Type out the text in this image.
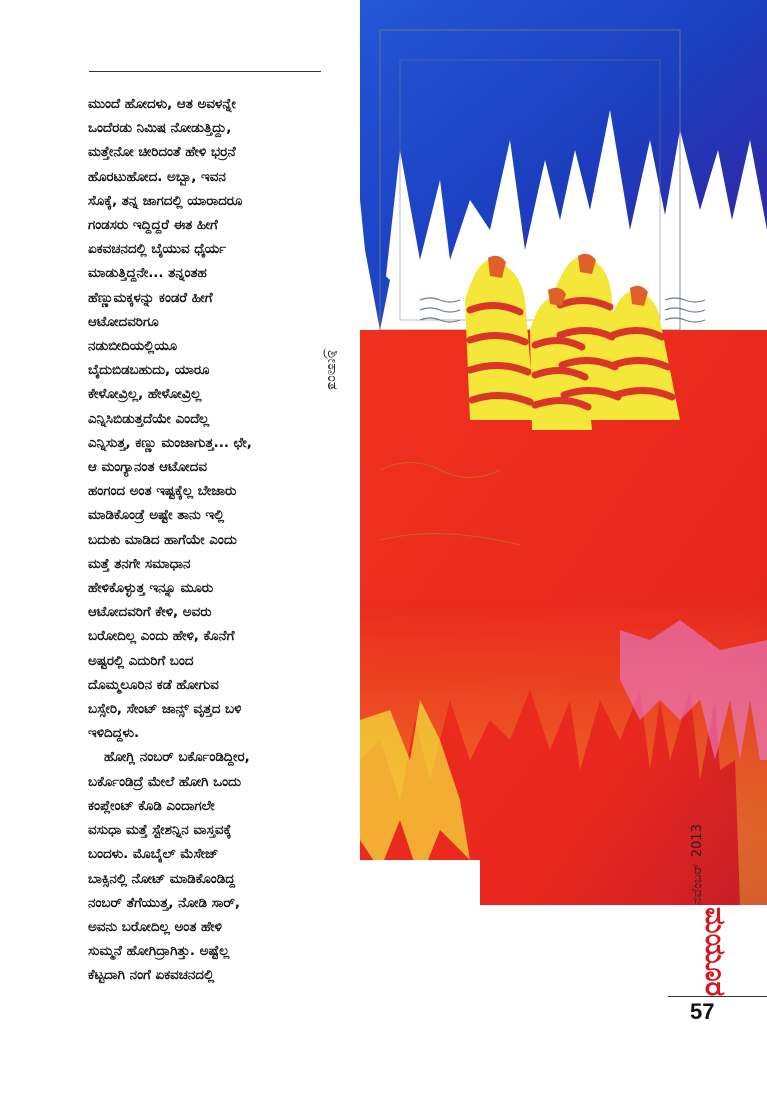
ಮುಂದೆ ಹೋದಳು, ಆತ ಅವಳನ್ನೇ
ಒಂದೆರಡು ನಿಮಿಷ ನೋಡುತ್ತಿದ್ದು,
ಮತ್ತೇನೋ ಚೀರಿದಂತೆ ಹೇಳಿ ಭರ್ರನೆ
ಹೊರಟುಹೋದ. ಅಬ್ಬಾ, ಇವನ
ಸೊಕ್ಕೆ, ತನ್ನ ಜಾಗದಲ್ಲಿ ಯಾರಾದರೂ
ಗಂಡಸರು ಇದ್ದಿದ್ದರೆ ಈತ ಹೀಗೆ
ಏಕವಚನದಲ್ಲಿ ಬೈಯುವ ಧೈರ್ಯ
ಮಾಡುತ್ತಿದ್ದನೇ... ತನ್ನಂತಹ
ಹೆಣ್ಣುಮಕ್ಕಳನ್ನು ಕಂಡರೆ ಹೀಗೆ
ಆಟೋದವರಿಗೂ
ನಡುಬೀದಿಯಲ್ಲಿಯೂ
ಬೈದುಬಿಡಬಹುದು, ಯಾರೂ
ಕೇಳೋವ್ರಿಲ್ಲ, ಹೇಳೋವ್ರಿಲ್ಲ
ಎನ್ನಿಸಿಬಿಡುತ್ತದೆಯೇ ಎಂದೆಲ್ಲ
ಎನ್ನಿಸುತ್ತ, ಕಣ್ಣು ಮಂಜಾಗುತ್ತ... ಛೇ,
ಆ ಮಂಗ್ಯಾನಂತ ಆಟೋದವ
ಹಂಗಂದ ಅಂತ ಇಷ್ಟಕ್ಕೆಲ್ಲ ಬೇಜಾರು
ಮಾಡಿಕೊಂಡ್ರೆ ಅಷ್ಟೇ ತಾನು ಇಲ್ಲಿ
ಬದುಕು ಮಾಡಿದ ಹಾಗೆಯೇ ಎಂದು
ಮತ್ತೆ ತನಗೇ ಸಮಾಧಾನ
ಹೇಳಿಕೊಳ್ಳುತ್ತ ಇನ್ನೂ ಮೂರು
ಆಟೋದವರಿಗೆ ಕೇಳಿ, ಅವರು
ಬರೋದಿಲ್ಲ ಎಂದು ಹೇಳಿ, ಕೊನೆಗೆ
ಅಷ್ಟರಲ್ಲಿ ಎದುರಿಗೆ ಬಂದ
ದೊಮ್ಮಲೂರಿನ ಕಡೆ ಹೋಗುವ
ಬಸ್ಸೇರಿ, ಸೇಂಟ್ ಜಾನ್ಸ್ ವೃತ್ತದ ಬಳಿ
ಇಳಿದಿದ್ದಳು.
ಹೋಗ್ಲಿ ನಂಬರ್ ಬರ್ಕೊಂಡಿದ್ದೀರ,
ಬರ್ಕೊಂಡಿದ್ರೆ ಮೇಲೆ ಹೋಗಿ ಒಂದು
ಕಂಪ್ಲೇಂಟ್ ಕೊಡಿ ಎಂದಾಗಲೇ
ವಸುಧಾ ಮತ್ತೆ ಸ್ಟೇಶನ್ನಿನ ವಾಸ್ತವಕ್ಕೆ
ಬಂದಳು. ಮೊಬೈಲ್ ಮೆಸೇಜ್
ಬಾಕ್ಸಿನಲ್ಲಿ ನೋಟ್ ಮಾಡಿಕೊಂಡಿದ್ದ
ನಂಬರ್ ತೆಗೆಯುತ್ತ, ನೋಡಿ ಸಾರ್,
ಅವನು ಬರೋದಿಲ್ಲ ಅಂತ ಹೇಳಿ
ಸುಮ್ಮನೆ ಹೋಗಿದ್ರಾಗಿತ್ತು. ಅಷ್ಟೆಲ್ಲ
ಕೆಟ್ಟದಾಗಿ ನಂಗೆ ಏಕವಚನದಲ್ಲಿ
ಶ್ರೀಕಾಂತ
ನವೆಂಬರ್2013
ಮಯೂರ
57
